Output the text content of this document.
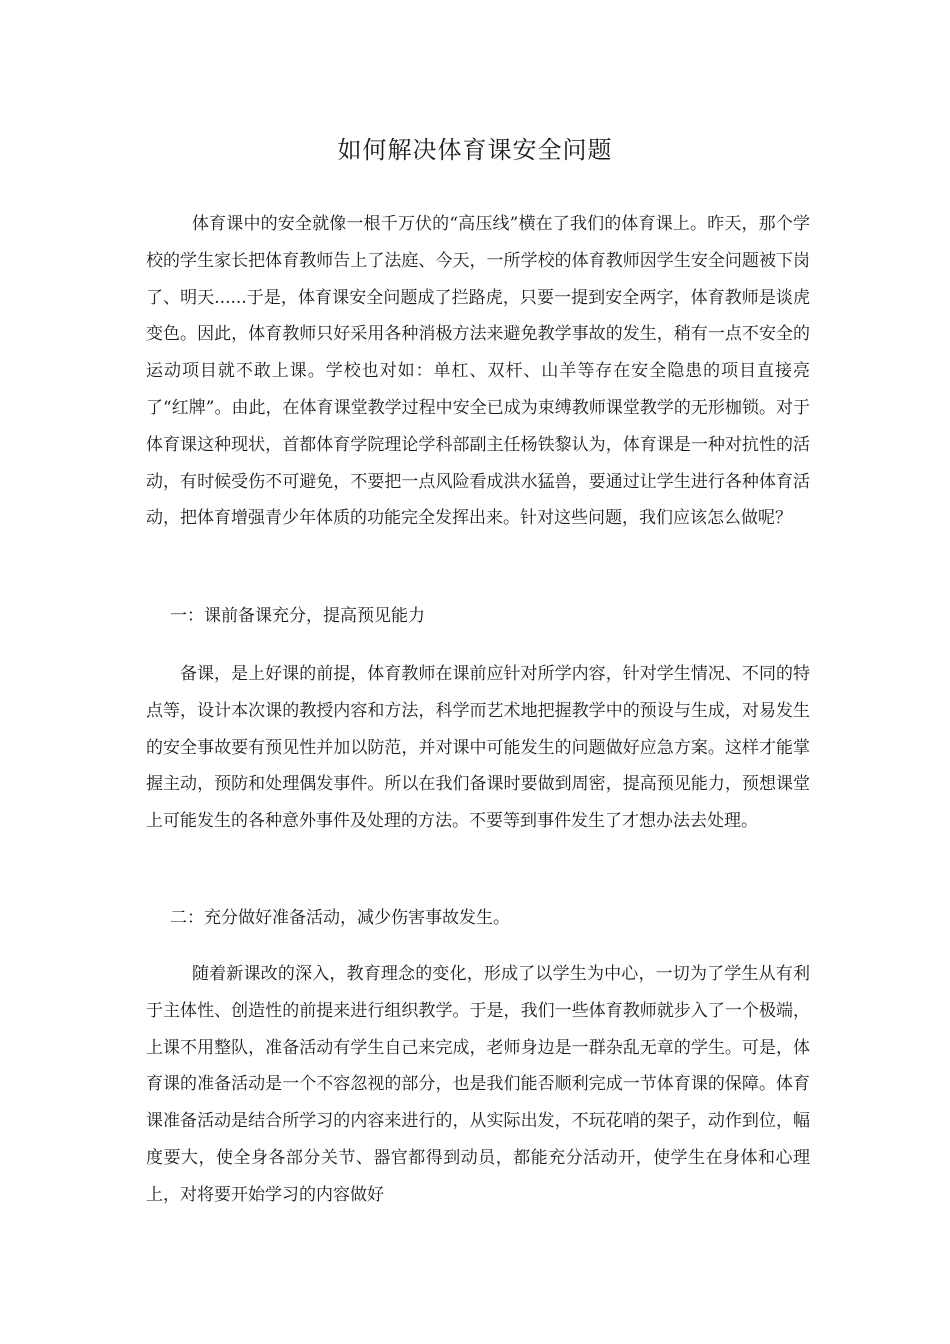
如何解决体育课安全问题

体育课中的安全就像一根千万伏的“高压线”横在了我们的体育课上。昨天，那个学校的学生家长把体育教师告上了法庭、今天，一所学校的体育教师因学生安全问题被下岗了、明天......于是，体育课安全问题成了拦路虎，只要一提到安全两字，体育教师是谈虎变色。因此，体育教师只好采用各种消极方法来避免教学事故的发生，稍有一点不安全的运动项目就不敢上课。学校也对如：单杠、双杆、山羊等存在安全隐患的项目直接亮了“红牌”。由此，在体育课堂教学过程中安全已成为束缚教师课堂教学的无形枷锁。对于体育课这种现状，首都体育学院理论学科部副主任杨铁黎认为，体育课是一种对抗性的活动，有时候受伤不可避免，不要把一点风险看成洪水猛兽，要通过让学生进行各种体育活动，把体育增强青少年体质的功能完全发挥出来。针对这些问题，我们应该怎么做呢？

一：课前备课充分，提高预见能力

备课，是上好课的前提，体育教师在课前应针对所学内容，针对学生情况、不同的特点等，设计本次课的教授内容和方法，科学而艺术地把握教学中的预设与生成，对易发生的安全事故要有预见性并加以防范，并对课中可能发生的问题做好应急方案。这样才能掌握主动，预防和处理偶发事件。所以在我们备课时要做到周密，提高预见能力，预想课堂上可能发生的各种意外事件及处理的方法。不要等到事件发生了才想办法去处理。

二：充分做好准备活动，减少伤害事故发生。

随着新课改的深入，教育理念的变化，形成了以学生为中心，一切为了学生从有利于主体性、创造性的前提来进行组织教学。于是，我们一些体育教师就步入了一个极端，上课不用整队，准备活动有学生自己来完成，老师身边是一群杂乱无章的学生。可是，体育课的准备活动是一个不容忽视的部分，也是我们能否顺利完成一节体育课的保障。体育课准备活动是结合所学习的内容来进行的，从实际出发，不玩花哨的架子，动作到位，幅度要大，使全身各部分关节、器官都得到动员，都能充分活动开，使学生在身体和心理上，对将要开始学习的内容做好
